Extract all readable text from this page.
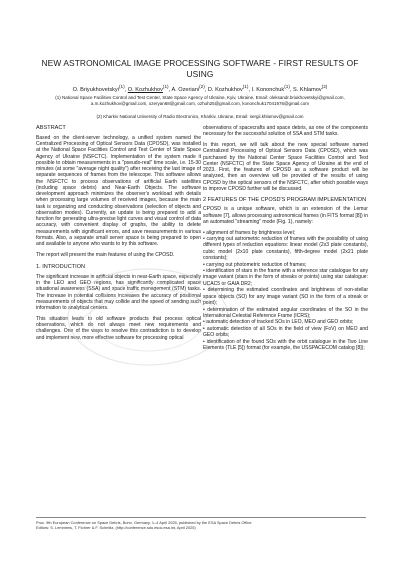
NEW ASTRONOMICAL IMAGE PROCESSING SOFTWARE - FIRST RESULTS OF USING
O. Briyukhovetskyi$^{(1)}$, O. Kozhukhov$^{(1)}$, A. Ozeriani$^{(2)}$, D. Kozhukhov$^{(1)}$, I. Kononchuk$^{(1)}$, S. Khlamov$^{(2)}$
(1) National Space Facilities Control and Test Center, State Space Agency of Ukraine, Kyiv, Ukraine, Email: oleksandr.briukhovetskyi@gmail.com, a.m.kozhukhov@gmail.com, ozeryan68@gmail.com, ozhuh25@gmail.com, kononchuk17041976@gmail.com
(2) Kharkiv National University of Radio Electronics, Kharkiv, Ukraine, Email: sergii.khlamov@gmail.com
ABSTRACT
Based on the client-server technology, a unified system named the Centralized Processing of Optical Sensors Data (CPOSD), was installed at the National Space Facilities Control and Test Center of State Space Agency of Ukraine (NSFCTC). Implementation of the system made it possible to obtain measurements in a "pseudo-real" time scale, i.e. 15-30 minutes (at some "average night quality") after receiving the last image of separate sequences of frames from the telescope. This software allows the NSFCTC to process observations of artificial Earth satellites (including space debris) and Near-Earth Objects. The software development approach minimizes the observer's workload with details when processing large volumes of received images, because the main task is organizing and conducting observations (selection of objects and observation modes). Currently, an update is being prepared to add a function for generating ultra-precise light curves and visual control of data accuracy, with convenient display of graphs, the ability to delete measurements with significant errors, and save measurements in various formats. Also, a separate small server space is being prepared to open and available to anyone who wants to try this software.
The report will present the main features of using the CPOSD.
1. INTRODUCTION
The significant increase in artificial objects in near-Earth space, especially in the LEO and GEO regions, has significantly complicated space situational awareness (SSA) and space traffic management (STM) tasks. The increase in potential collisions increases the accuracy of positional measurements of objects that may collide and the speed of sending such information to analytical centers.
This situation leads to old software products that process optical observations, which do not always meet new requirements and challenges. One of the ways to resolve this contradiction is to develop and implement new, more effective software for processing optical
observations of spacecrafts and space debris, as one of the components necessary for the successful solution of SSA and STM tasks.
In this report, we will talk about the new special software named Centralized Processing of Optical Sensors Data (CPOSD), which was purchased by the National Center Space Facilities Control and Test Center (NSFCTC) of the State Space Agency of Ukraine at the end of 2023. First, the features of CPOSD as a software product will be analyzed, then an overview will be provided of the results of using CPOSD by the optical sensors of the NSFCTC, after which possible ways to improve CPOSD further will be discussed.
2 FEATURES OF THE CPOSD'S PROGRAM IMPLEMENTATION
CPOSD is a unique software, which is an extension of the Lemur software [7], allows processing astronomical frames (in FITS format [8]) in an automated "streaming" mode (Fig. 1), namely:
• alignment of frames by brightness level;
• carrying out astrometric reduction of frames with the possibility of using different types of reduction equations: linear model (2x3 plate constants), cubic model (2x10 plate constants), fifth-degree model (2x21 plate constants);
• carrying out photometric reduction of frames;
• identification of stars in the frame with a reference star catalogue for any image variant (stars in the form of streaks or points) using star catalogue: UCAC5 or GAIA DR2;
• determining the estimated coordinates and brightness of non-stellar space objects (SO) for any image variant (SO in the form of a streak or point);
• determination of the estimated angular coordinates of the SO in the International Celestial Reference Frame (ICRS);
• automatic detection of tracked SOs in LEO, MEO and GEO orbits;
• automatic detection of all SOs in the field of view (FoV) on MEO and GEO orbits;
• identification of the found SOs with the orbit catalogue in the Two Line Elements (TLE [5]) format (for example, the USSPACECOM catalog [8]);
Proc. 9th European Conference on Space Debris, Bonn, Germany, 1–4 April 2025, published by the ESA Space Debris Office
Editors: S. Lemmens, T. Flohrer & F. Schmitz, (http://conference.sdo.esoc.esa.int, April 2025)
